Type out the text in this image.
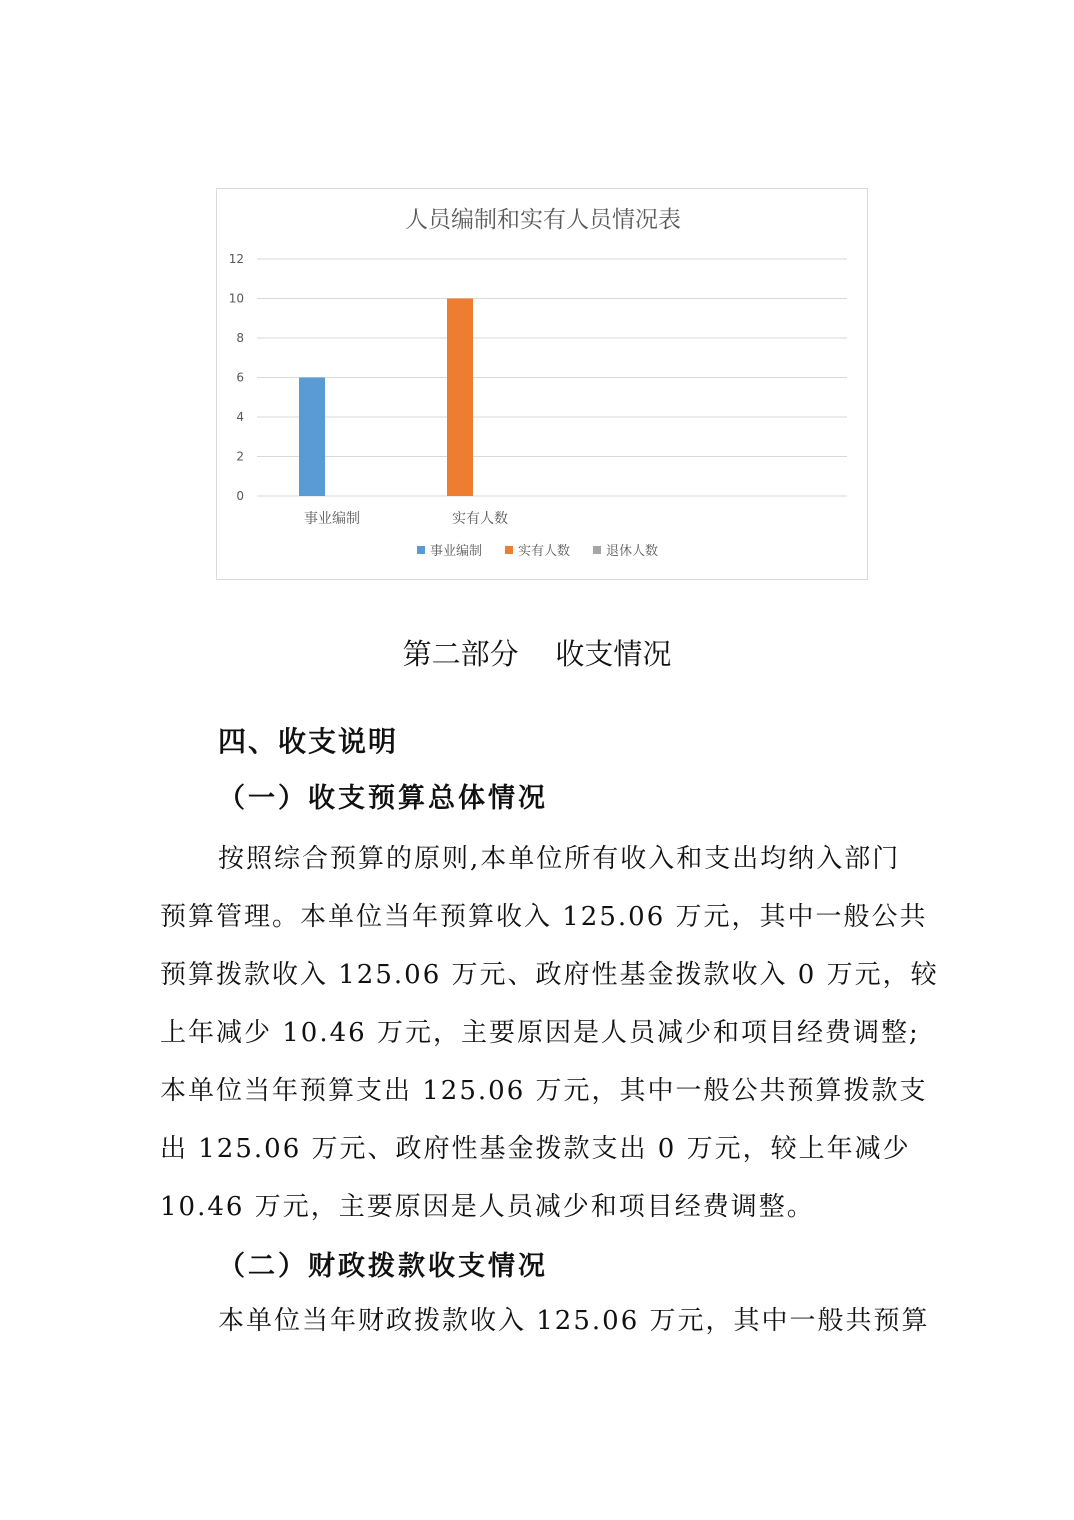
人员编制和实有人员情况表
0
2
4
6
8
10
12
事业编制	实有人数
事业编制	实有人数	退休人数
第二部分    收支情况
四、收支说明
（一）收支预算总体情况
按照综合预算的原则,本单位所有收入和支出均纳入部门
预算管理。本单位当年预算收入 125.06 万元，其中一般公共
预算拨款收入 125.06 万元、政府性基金拨款收入 0 万元，较
上年减少 10.46 万元，主要原因是人员减少和项目经费调整;
本单位当年预算支出 125.06 万元，其中一般公共预算拨款支
出 125.06 万元、政府性基金拨款支出 0 万元，较上年减少
10.46 万元，主要原因是人员减少和项目经费调整。
（二）财政拨款收支情况
本单位当年财政拨款收入 125.06 万元，其中一般共预算
